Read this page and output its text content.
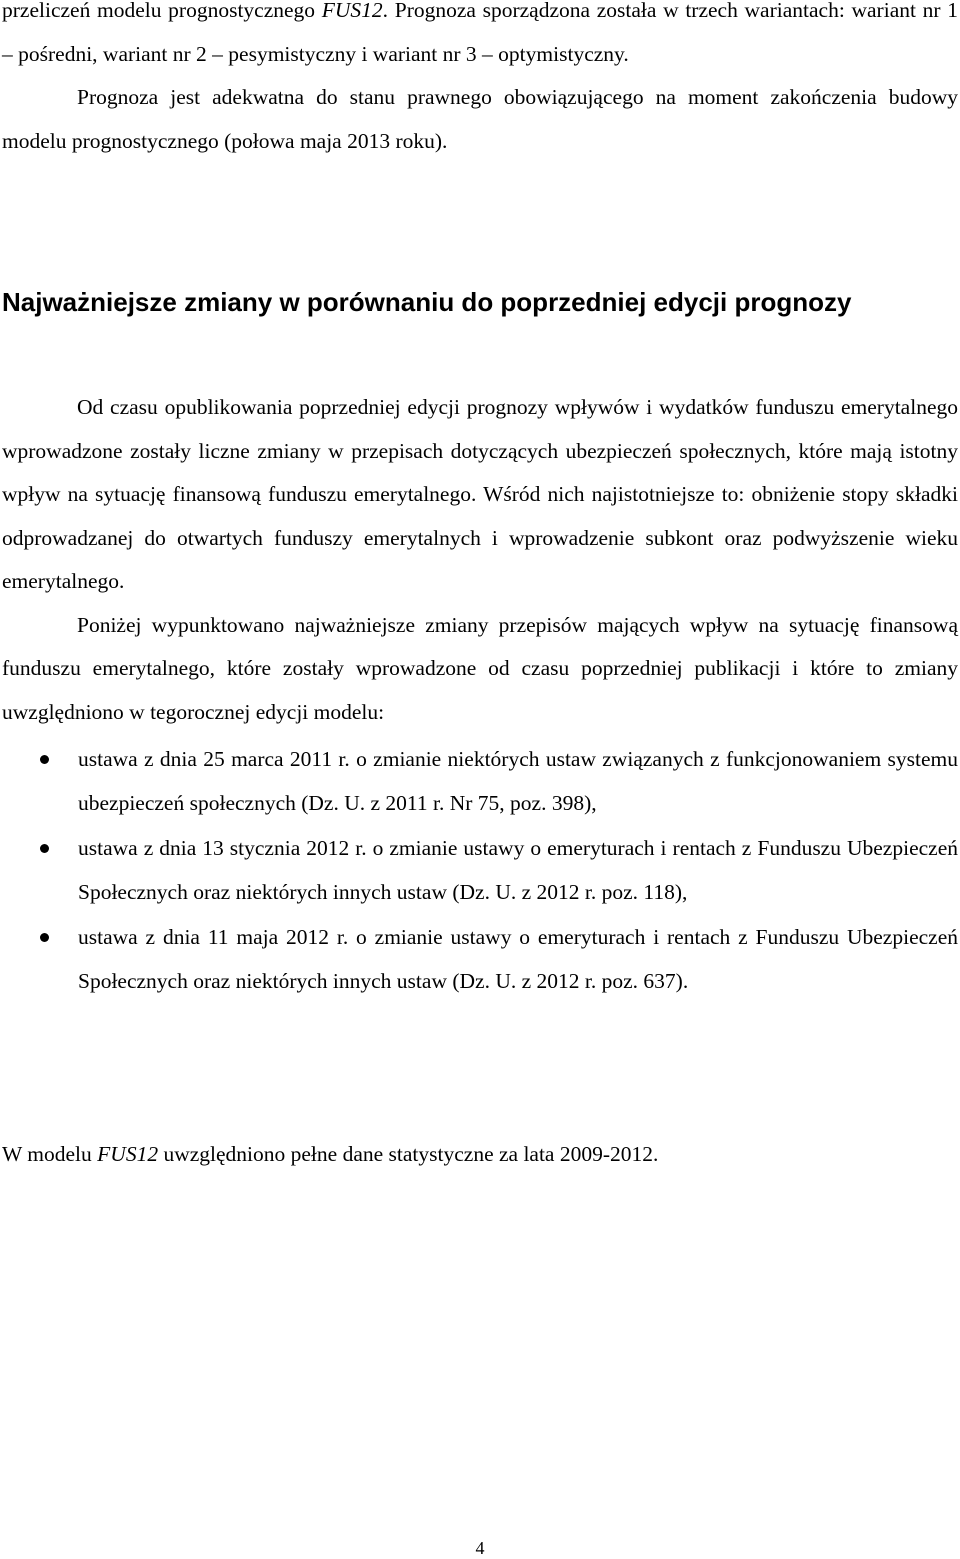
przeliczeń modelu prognostycznego FUS12. Prognoza sporządzona została w trzech wariantach: wariant nr 1 – pośredni, wariant nr 2 – pesymistyczny i wariant nr 3 – optymistyczny.

Prognoza jest adekwatna do stanu prawnego obowiązującego na moment zakończenia budowy modelu prognostycznego (połowa maja 2013 roku).

Najważniejsze zmiany w porównaniu do poprzedniej edycji prognozy

Od czasu opublikowania poprzedniej edycji prognozy wpływów i wydatków funduszu emerytalnego wprowadzone zostały liczne zmiany w przepisach dotyczących ubezpieczeń społecznych, które mają istotny wpływ na sytuację finansową funduszu emerytalnego. Wśród nich najistotniejsze to: obniżenie stopy składki odprowadzanej do otwartych funduszy emerytalnych i wprowadzenie subkont oraz podwyższenie wieku emerytalnego.

Poniżej wypunktowano najważniejsze zmiany przepisów mających wpływ na sytuację finansową funduszu emerytalnego, które zostały wprowadzone od czasu poprzedniej publikacji i które to zmiany uwzględniono w tegorocznej edycji modelu:

ustawa z dnia 25 marca 2011 r. o zmianie niektórych ustaw związanych z funkcjonowaniem systemu ubezpieczeń społecznych (Dz. U. z 2011 r. Nr 75, poz. 398),
ustawa z dnia 13 stycznia 2012 r. o zmianie ustawy o emeryturach i rentach z Funduszu Ubezpieczeń Społecznych oraz niektórych innych ustaw (Dz. U. z 2012 r. poz. 118),
ustawa z dnia 11 maja 2012 r. o zmianie ustawy o emeryturach i rentach z Funduszu Ubezpieczeń Społecznych oraz niektórych innych ustaw (Dz. U. z 2012 r. poz. 637).

W modelu FUS12 uwzględniono pełne dane statystyczne za lata 2009-2012.

4
